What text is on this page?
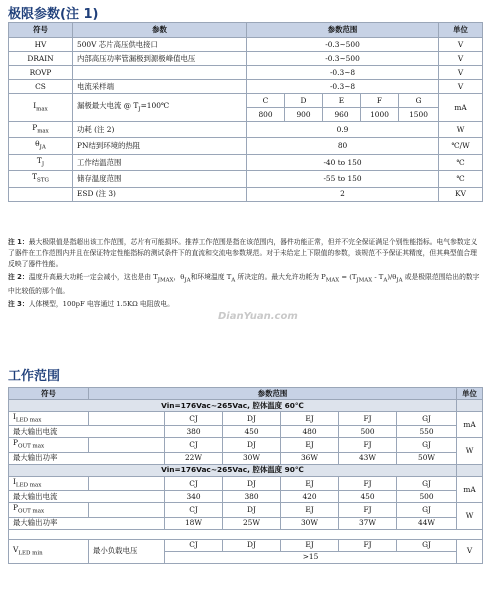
极限参数(注 1)
符号	参数	参数范围					单位
HV	500V 芯片高压供电接口	-0.3~500					V
DRAIN	内部高压功率管漏极到源极峰值电压	-0.3~500					V
ROVP		-0.3~8					V
CS	电流采样端	-0.3~8					V
$I_{max}$	漏极最大电流 @ $T_J=100℃$	C	D	E	F	G	mA
		800	900	960	1000	1500	
$P_{max}$	功耗 (注 2)	0.9					W
$\theta_{JA}$	PN结到环境的热阻	80					℃/W
$T_J$	工作结温范围	-40 to 150					℃
$T_{STG}$	储存温度范围	-55 to 150					℃
	ESD (注 3)	2					KV

注 1：最大极限值是指超出该工作范围，芯片有可能损坏。推荐工作范围是指在该范围内，器件功能正常，但并不完全保证满足个别性能指标。电气参数定义了器件在工作范围内并且在保证特定性能指标的测试条件下的直流和交流电参数规范。对于未给定上下限值的参数，该规范不予保证其精度，但其典型值合理反映了器件性能。

注 2：温度升高最大功耗一定会减小，这也是由 $T_{JMAX}$，$\theta_{JA}$和环境温度 $T_A$ 所决定的。最大允许功耗为 $P_{MAX} = (T_{JMAX} - T_A)/\theta_{JA}$ 或是极限范围给出的数字中比较低的那个值。

注 3：人体模型，100pF 电容通过 1.5KΩ 电阻放电。

DianYuan.com
工作范围
符号	参数范围						单位
Vin=176Vac~265Vac, 腔体温度 60℃							
$I_{LED max}$		CJ	DJ	EJ	FJ	GJ	mA
最大输出电流		380	450	480	500	550	
$P_{OUT max}$		CJ	DJ	EJ	FJ	GJ	W
最大输出功率		22W	30W	36W	43W	50W	
Vin=176Vac~265Vac, 腔体温度 90℃							
$I_{LED max}$		CJ	DJ	EJ	FJ	GJ	mA
最大输出电流		340	380	420	450	500	
$P_{OUT max}$		CJ	DJ	EJ	FJ	GJ	W
最大输出功率		18W	25W	30W	37W	44W	

$V_{LED min}$	最小负载电压	CJ	DJ	EJ	FJ	GJ	V
		>15					
